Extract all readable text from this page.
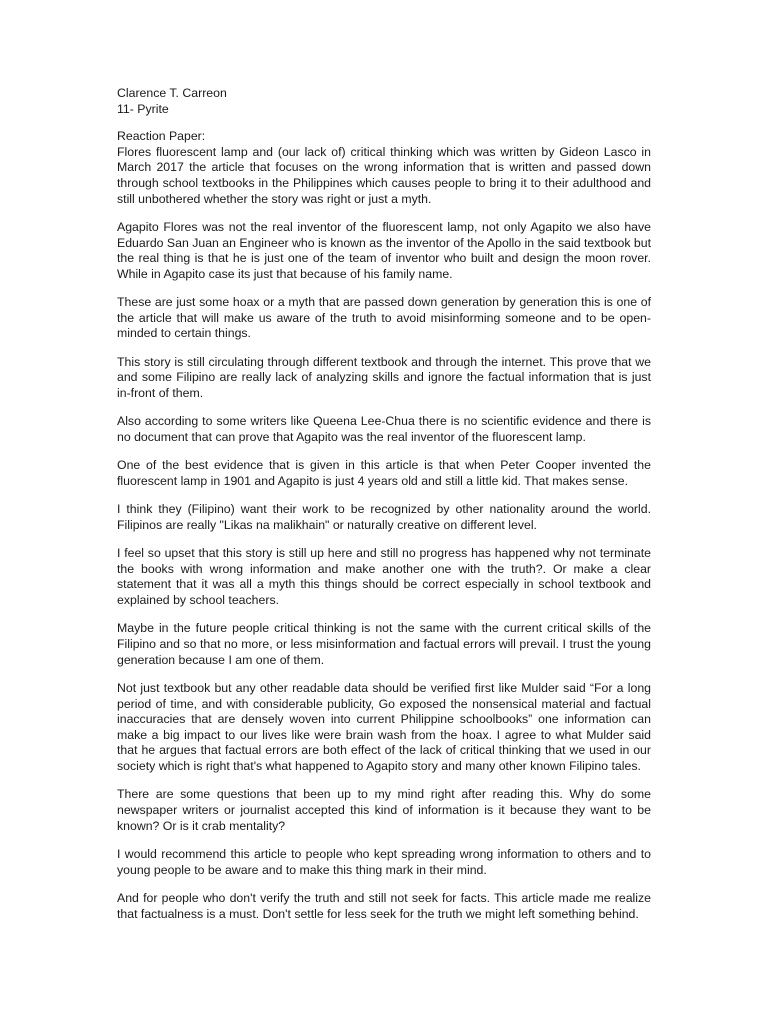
Clarence T. Carreon
11- Pyrite
Reaction Paper:

Flores fluorescent lamp and (our lack of) critical thinking which was written by Gideon Lasco in March 2017 the article that focuses on the wrong information that is written and passed down through school textbooks in the Philippines which causes people to bring it to their adulthood and still unbothered whether the story was right or just a myth.

Agapito Flores was not the real inventor of the fluorescent lamp, not only Agapito we also have Eduardo San Juan an Engineer who is known as the inventor of the Apollo in the said textbook but the real thing is that he is just one of the team of inventor who built and design the moon rover. While in Agapito case its just that because of his family name.

These are just some hoax or a myth that are passed down generation by generation this is one of the article that will make us aware of the truth to avoid misinforming someone and to be open-minded to certain things.

This story is still circulating through different textbook and through the internet. This prove that we and some Filipino are really lack of analyzing skills and ignore the factual information that is just in-front of them.

Also according to some writers like Queena Lee-Chua there is no scientific evidence and there is no document that can prove that Agapito was the real inventor of the fluorescent lamp.

One of the best evidence that is given in this article is that when Peter Cooper invented the fluorescent lamp in 1901 and Agapito is just 4 years old and still a little kid. That makes sense.

I think they (Filipino) want their work to be recognized by other nationality around the world. Filipinos are really "Likas na malikhain" or naturally creative on different level.

I feel so upset that this story is still up here and still no progress has happened why not terminate the books with wrong information and make another one with the truth?. Or make a clear statement that it was all a myth this things should be correct especially in school textbook and explained by school teachers.

Maybe in the future people critical thinking is not the same with the current critical skills of the Filipino and so that no more, or less misinformation and factual errors will prevail. I trust the young generation because I am one of them.

Not just textbook but any other readable data should be verified first like Mulder said “For a long period of time, and with considerable publicity, Go exposed the nonsensical material and factual inaccuracies that are densely woven into current Philippine schoolbooks” one information can make a big impact to our lives like were brain wash from the hoax. I agree to what Mulder said that he argues that factual errors are both effect of the lack of critical thinking that we used in our society which is right that's what happened to Agapito story and many other known Filipino tales.

There are some questions that been up to my mind right after reading this. Why do some newspaper writers or journalist accepted this kind of information is it because they want to be known? Or is it crab mentality?

I would recommend this article to people who kept spreading wrong information to others and to young people to be aware and to make this thing mark in their mind.

And for people who don't verify the truth and still not seek for facts. This article made me realize that factualness is a must. Don't settle for less seek for the truth we might left something behind.
